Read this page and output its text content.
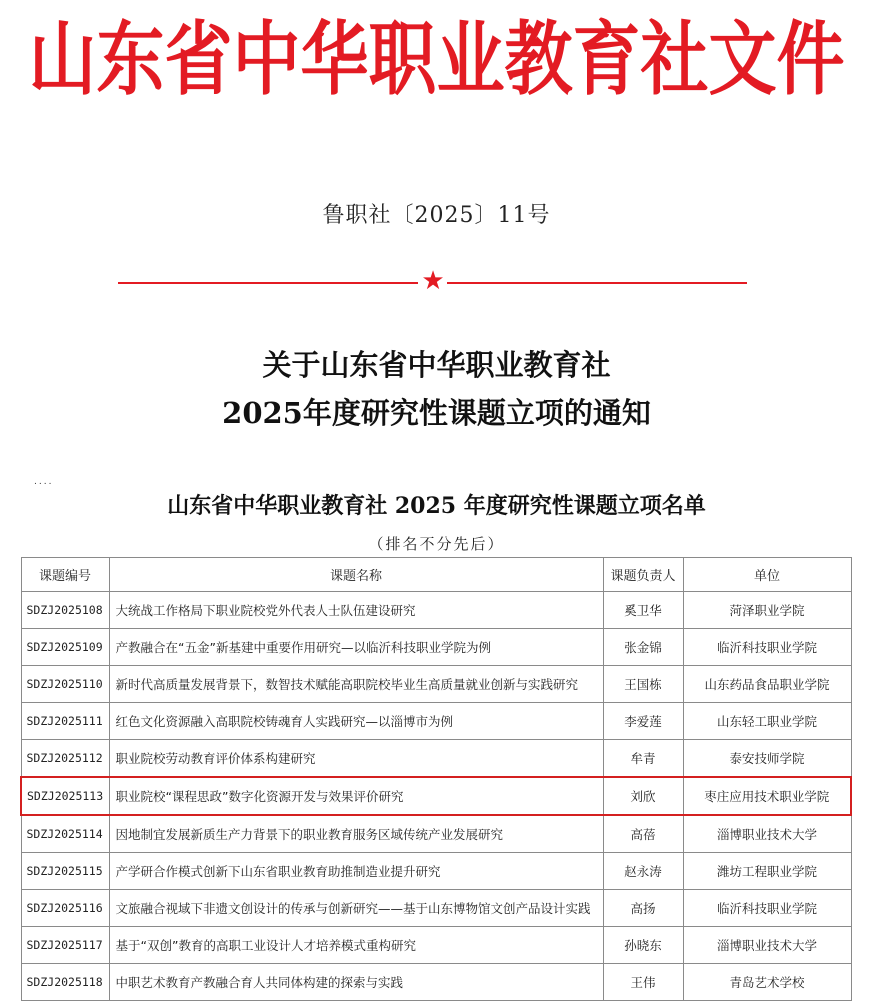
山东省中华职业教育社文件
鲁职社〔2025〕11号
★
关于山东省中华职业教育社
2025年度研究性课题立项的通知
....
山东省中华职业教育社 2025 年度研究性课题立项名单
（排名不分先后）
课题编号	课题名称	课题负责人	单位
SDZJ2025108	大统战工作格局下职业院校党外代表人士队伍建设研究	奚卫华	菏泽职业学院
SDZJ2025109	产教融合在“五金”新基建中重要作用研究—以临沂科技职业学院为例	张金锦	临沂科技职业学院
SDZJ2025110	新时代高质量发展背景下，数智技术赋能高职院校毕业生高质量就业创新与实践研究	王国栋	山东药品食品职业学院
SDZJ2025111	红色文化资源融入高职院校铸魂育人实践研究—以淄博市为例	李爱莲	山东轻工职业学院
SDZJ2025112	职业院校劳动教育评价体系构建研究	牟青	泰安技师学院
SDZJ2025113	职业院校“课程思政”数字化资源开发与效果评价研究	刘欣	枣庄应用技术职业学院
SDZJ2025114	因地制宜发展新质生产力背景下的职业教育服务区域传统产业发展研究	高蓓	淄博职业技术大学
SDZJ2025115	产学研合作模式创新下山东省职业教育助推制造业提升研究	赵永涛	潍坊工程职业学院
SDZJ2025116	文旅融合视域下非遗文创设计的传承与创新研究——基于山东博物馆文创产品设计实践	高扬	临沂科技职业学院
SDZJ2025117	基于“双创”教育的高职工业设计人才培养模式重构研究	孙晓东	淄博职业技术大学
SDZJ2025118	中职艺术教育产教融合育人共同体构建的探索与实践	王伟	青岛艺术学校
